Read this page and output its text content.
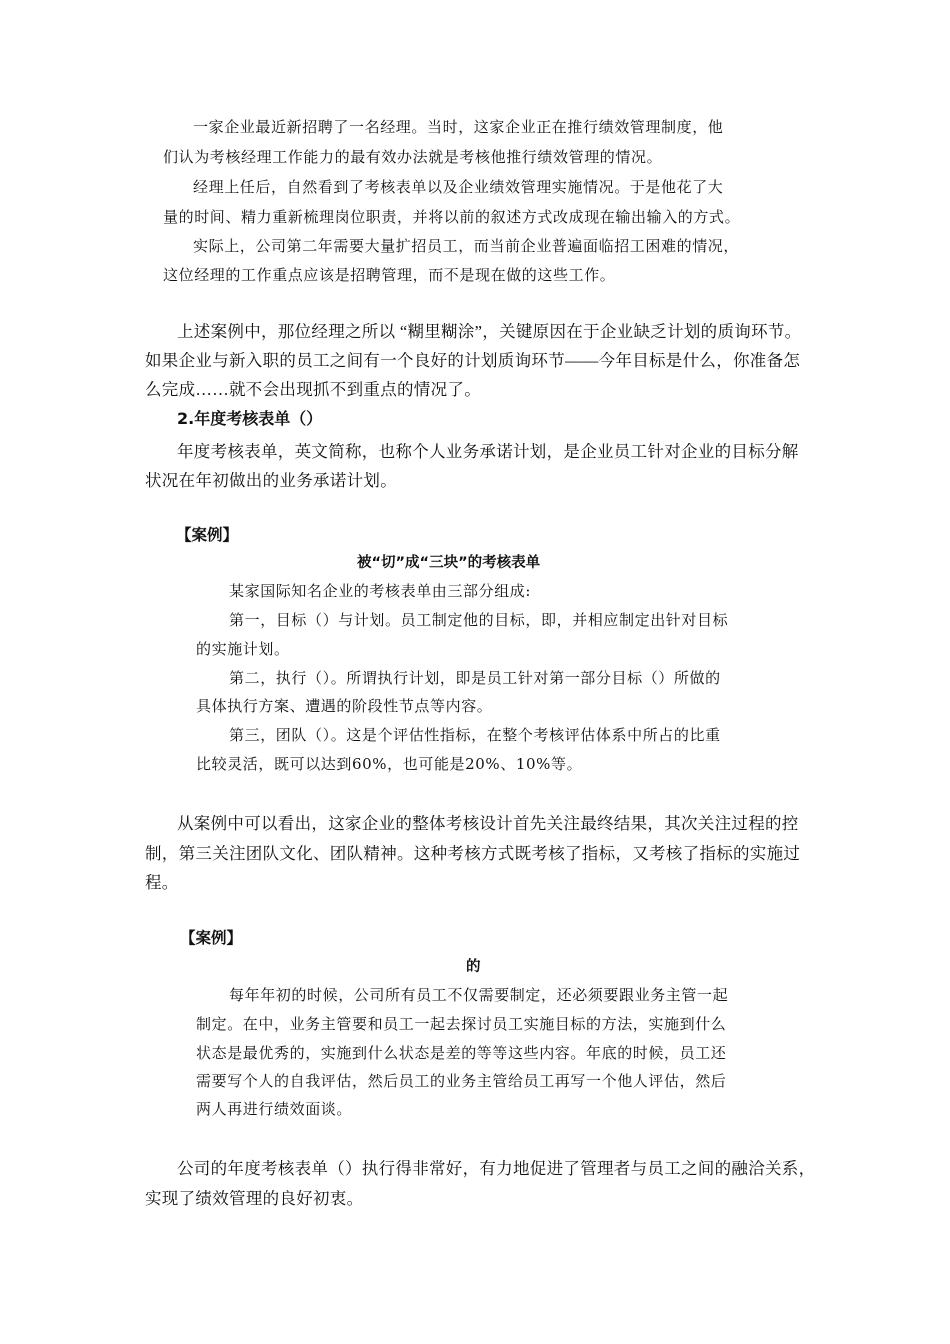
一家企业最近新招聘了一名经理。当时，这家企业正在推行绩效管理制度，他
们认为考核经理工作能力的最有效办法就是考核他推行绩效管理的情况。
经理上任后，自然看到了考核表单以及企业绩效管理实施情况。于是他花了大
量的时间、精力重新梳理岗位职责，并将以前的叙述方式改成现在输出输入的方式。
实际上，公司第二年需要大量扩招员工，而当前企业普遍面临招工困难的情况，
这位经理的工作重点应该是招聘管理，而不是现在做的这些工作。
上述案例中，那位经理之所以 “糊里糊涂”，关键原因在于企业缺乏计划的质询环节。
如果企业与新入职的员工之间有一个良好的计划质询环节——今年目标是什么，你准备怎
么完成……就不会出现抓不到重点的情况了。
2.年度考核表单（）
年度考核表单，英文简称，也称个人业务承诺计划，是企业员工针对企业的目标分解
状况在年初做出的业务承诺计划。
【案例】
被“切”成“三块”的考核表单
某家国际知名企业的考核表单由三部分组成:
第一，目标（）与计划。员工制定他的目标，即，并相应制定出针对目标
的实施计划。
第二，执行（）。所谓执行计划，即是员工针对第一部分目标（）所做的
具体执行方案、遭遇的阶段性节点等内容。
第三，团队（）。这是个评估性指标，在整个考核评估体系中所占的比重
比较灵活，既可以达到60%，也可能是20%、10%等。
从案例中可以看出，这家企业的整体考核设计首先关注最终结果，其次关注过程的控
制，第三关注团队文化、团队精神。这种考核方式既考核了指标，又考核了指标的实施过
程。
【案例】
的
每年年初的时候，公司所有员工不仅需要制定，还必须要跟业务主管一起
制定。在中，业务主管要和员工一起去探讨员工实施目标的方法，实施到什么
状态是最优秀的，实施到什么状态是差的等等这些内容。年底的时候，员工还
需要写个人的自我评估，然后员工的业务主管给员工再写一个他人评估，然后
两人再进行绩效面谈。
公司的年度考核表单（）执行得非常好，有力地促进了管理者与员工之间的融洽关系，
实现了绩效管理的良好初衷。
